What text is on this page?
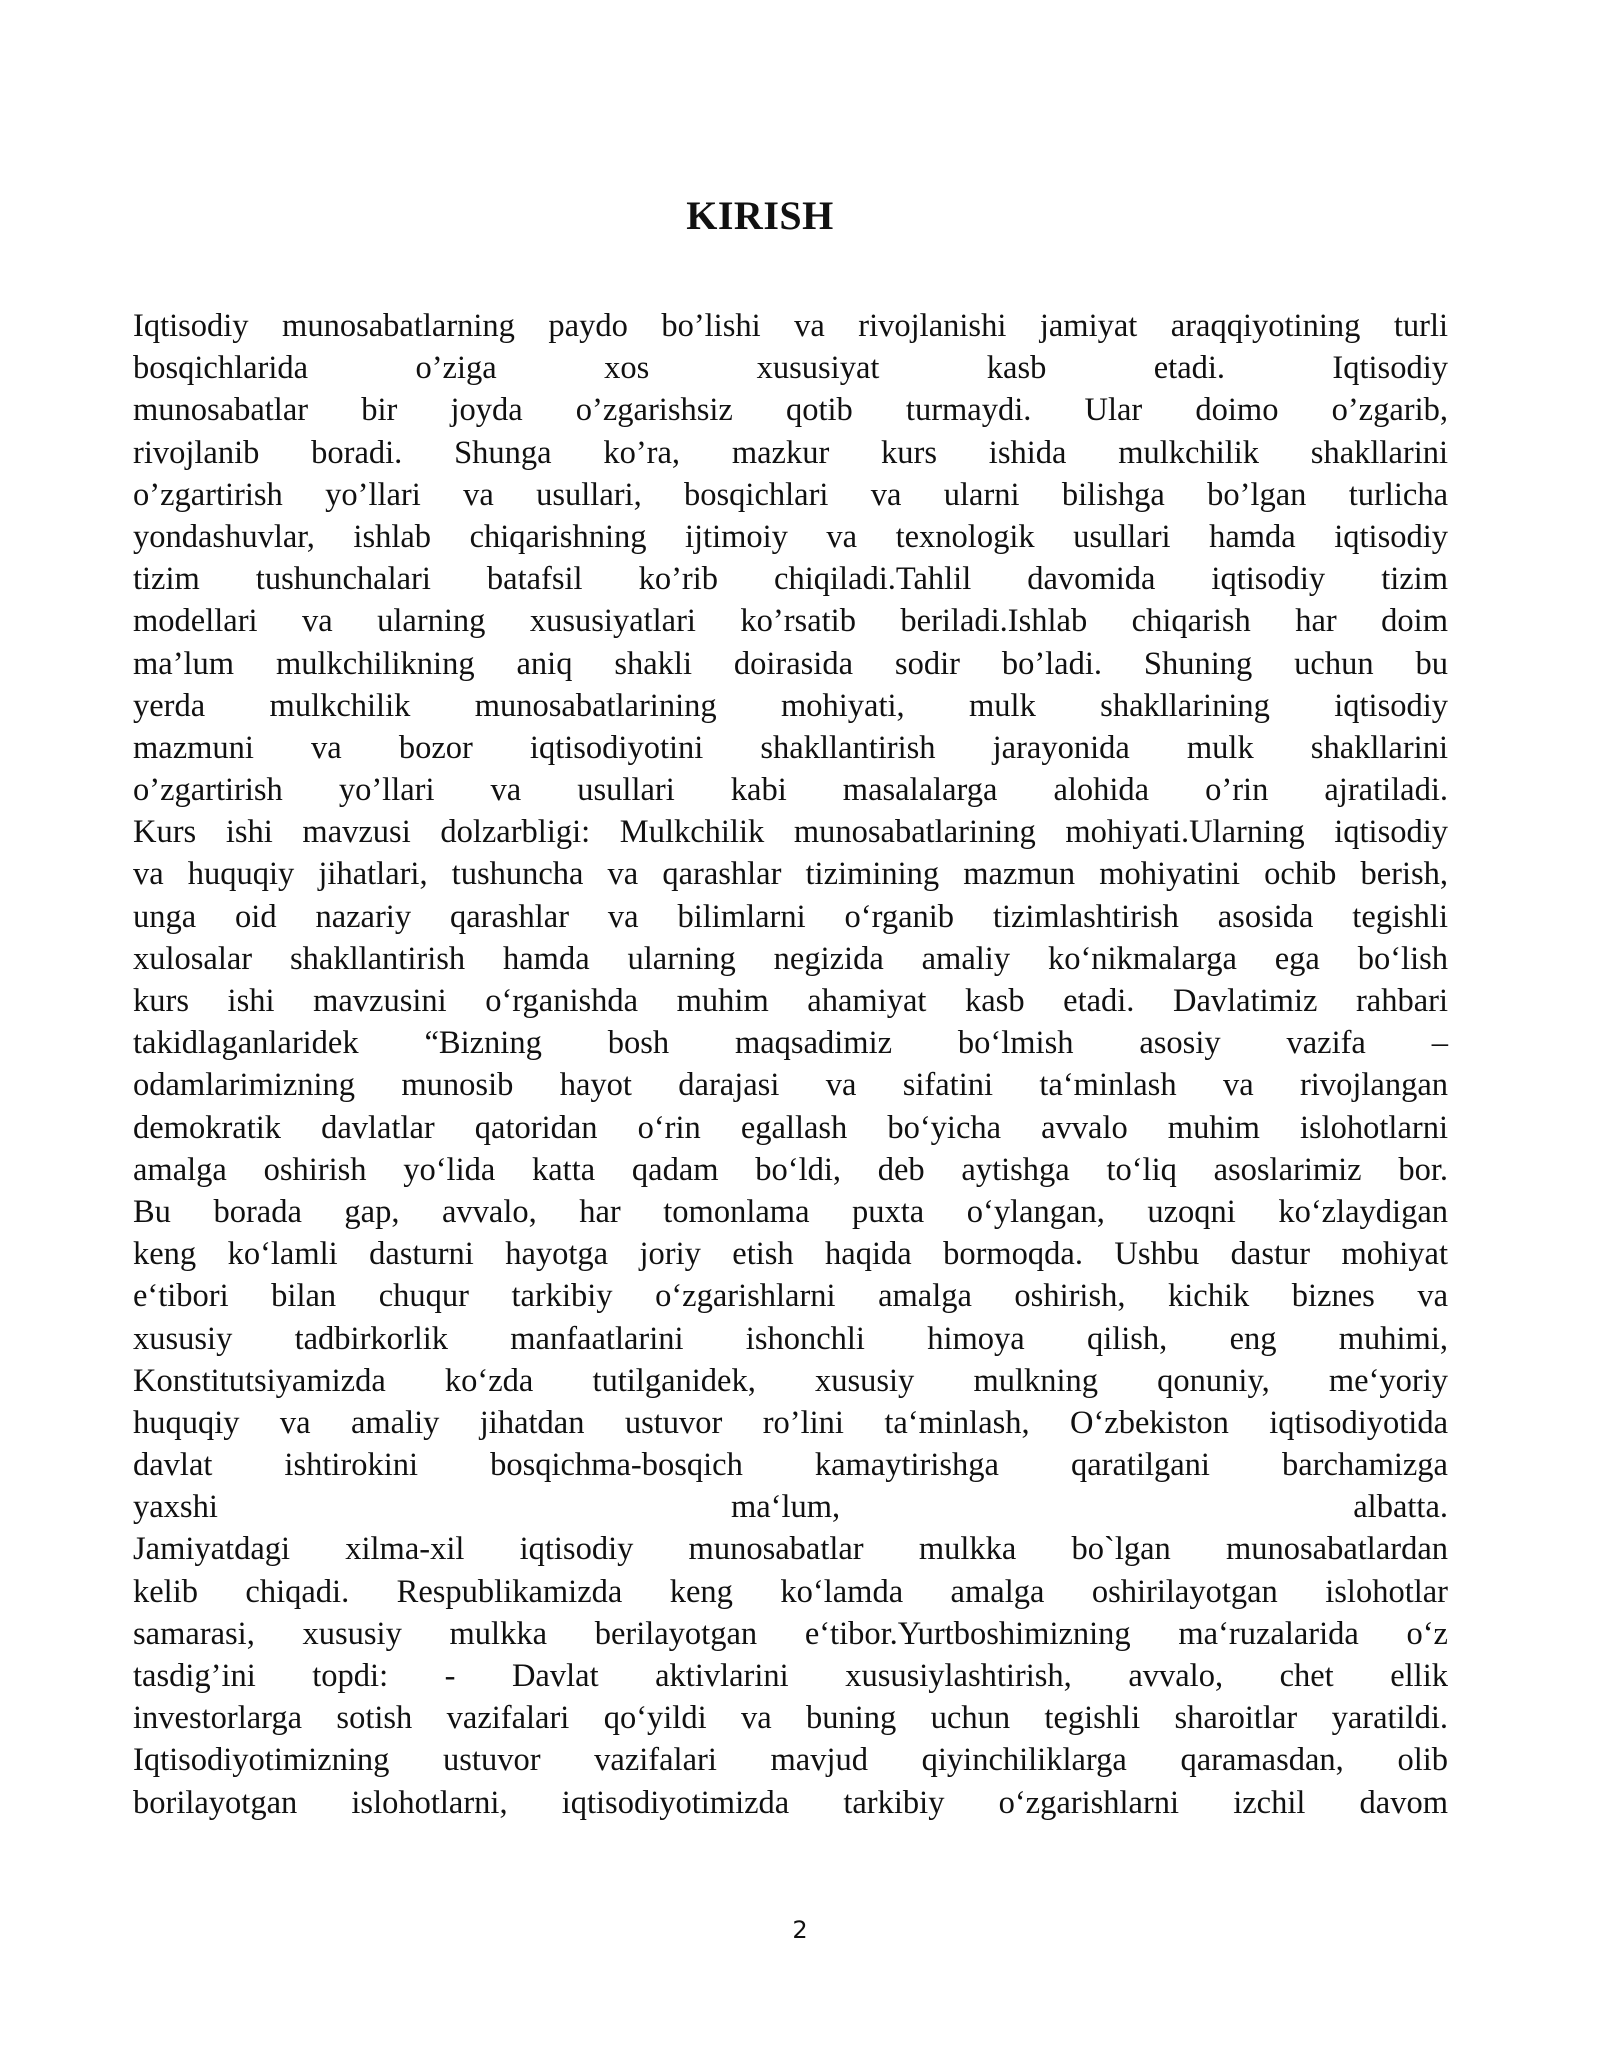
KIRISH
Iqtisodiy munosabatlarning paydo bo’lishi va rivojlanishi jamiyat araqqiyotining turli
bosqichlarida o’ziga xos xususiyat kasb etadi. Iqtisodiy
munosabatlar bir joyda o’zgarishsiz qotib turmaydi. Ular doimo o’zgarib,
rivojlanib boradi. Shunga ko’ra, mazkur kurs ishida mulkchilik shakllarini
o’zgartirish yo’llari va usullari, bosqichlari va ularni bilishga bo’lgan turlicha
yondashuvlar, ishlab chiqarishning ijtimoiy va texnologik usullari hamda iqtisodiy
tizim tushunchalari batafsil ko’rib chiqiladi.Tahlil davomida iqtisodiy tizim
modellari va ularning xususiyatlari ko’rsatib beriladi.Ishlab chiqarish har doim
ma’lum mulkchilikning aniq shakli doirasida sodir bo’ladi. Shuning uchun bu
yerda mulkchilik munosabatlarining mohiyati, mulk shakllarining iqtisodiy
mazmuni va bozor iqtisodiyotini shakllantirish jarayonida mulk shakllarini
o’zgartirish yo’llari va usullari kabi masalalarga alohida o’rin ajratiladi.
Kurs ishi mavzusi dolzarbligi: Mulkchilik munosabatlarining mohiyati.Ularning iqtisodiy
va huquqiy jihatlari, tushuncha va qarashlar tizimining mazmun mohiyatini ochib berish,
unga oid nazariy qarashlar va bilimlarni oʻrganib tizimlashtirish asosida tegishli
xulosalar shakllantirish hamda ularning negizida amaliy koʻnikmalarga ega boʻlish
kurs ishi mavzusini oʻrganishda muhim ahamiyat kasb etadi. Davlatimiz rahbari
takidlaganlaridek “Bizning bosh maqsadimiz boʻlmish asosiy vazifa –
odamlarimizning munosib hayot darajasi va sifatini taʻminlash va rivojlangan
demokratik davlatlar qatoridan oʻrin egallash boʻyicha avvalo muhim islohotlarni
amalga oshirish yoʻlida katta qadam boʻldi, deb aytishga toʻliq asoslarimiz bor.
Bu borada gap, avvalo, har tomonlama puxta oʻylangan, uzoqni koʻzlaydigan
keng koʻlamli dasturni hayotga joriy etish haqida bormoqda. Ushbu dastur mohiyat
eʻtibori bilan chuqur tarkibiy oʻzgarishlarni amalga oshirish, kichik biznes va
xususiy tadbirkorlik manfaatlarini ishonchli himoya qilish, eng muhimi,
Konstitutsiyamizda koʻzda tutilganidek, xususiy mulkning qonuniy, meʻyoriy
huquqiy va amaliy jihatdan ustuvor ro’lini taʻminlash, Oʻzbekiston iqtisodiyotida
davlat ishtirokini bosqichma-bosqich kamaytirishga qaratilgani barchamizga
yaxshi maʻlum, albatta.
Jamiyatdagi xilma-xil iqtisodiy munosabatlar mulkka bo`lgan munosabatlardan
kelib chiqadi. Respublikamizda keng koʻlamda amalga oshirilayotgan islohotlar
samarasi, xususiy mulkka berilayotgan eʻtibor.Yurtboshimizning maʻruzalarida oʻz
tasdig’ini topdi: - Davlat aktivlarini xususiylashtirish, avvalo, chet ellik
investorlarga sotish vazifalari qoʻyildi va buning uchun tegishli sharoitlar yaratildi.
Iqtisodiyotimizning ustuvor vazifalari mavjud qiyinchiliklarga qaramasdan, olib
borilayotgan islohotlarni, iqtisodiyotimizda tarkibiy oʻzgarishlarni izchil davom
2
